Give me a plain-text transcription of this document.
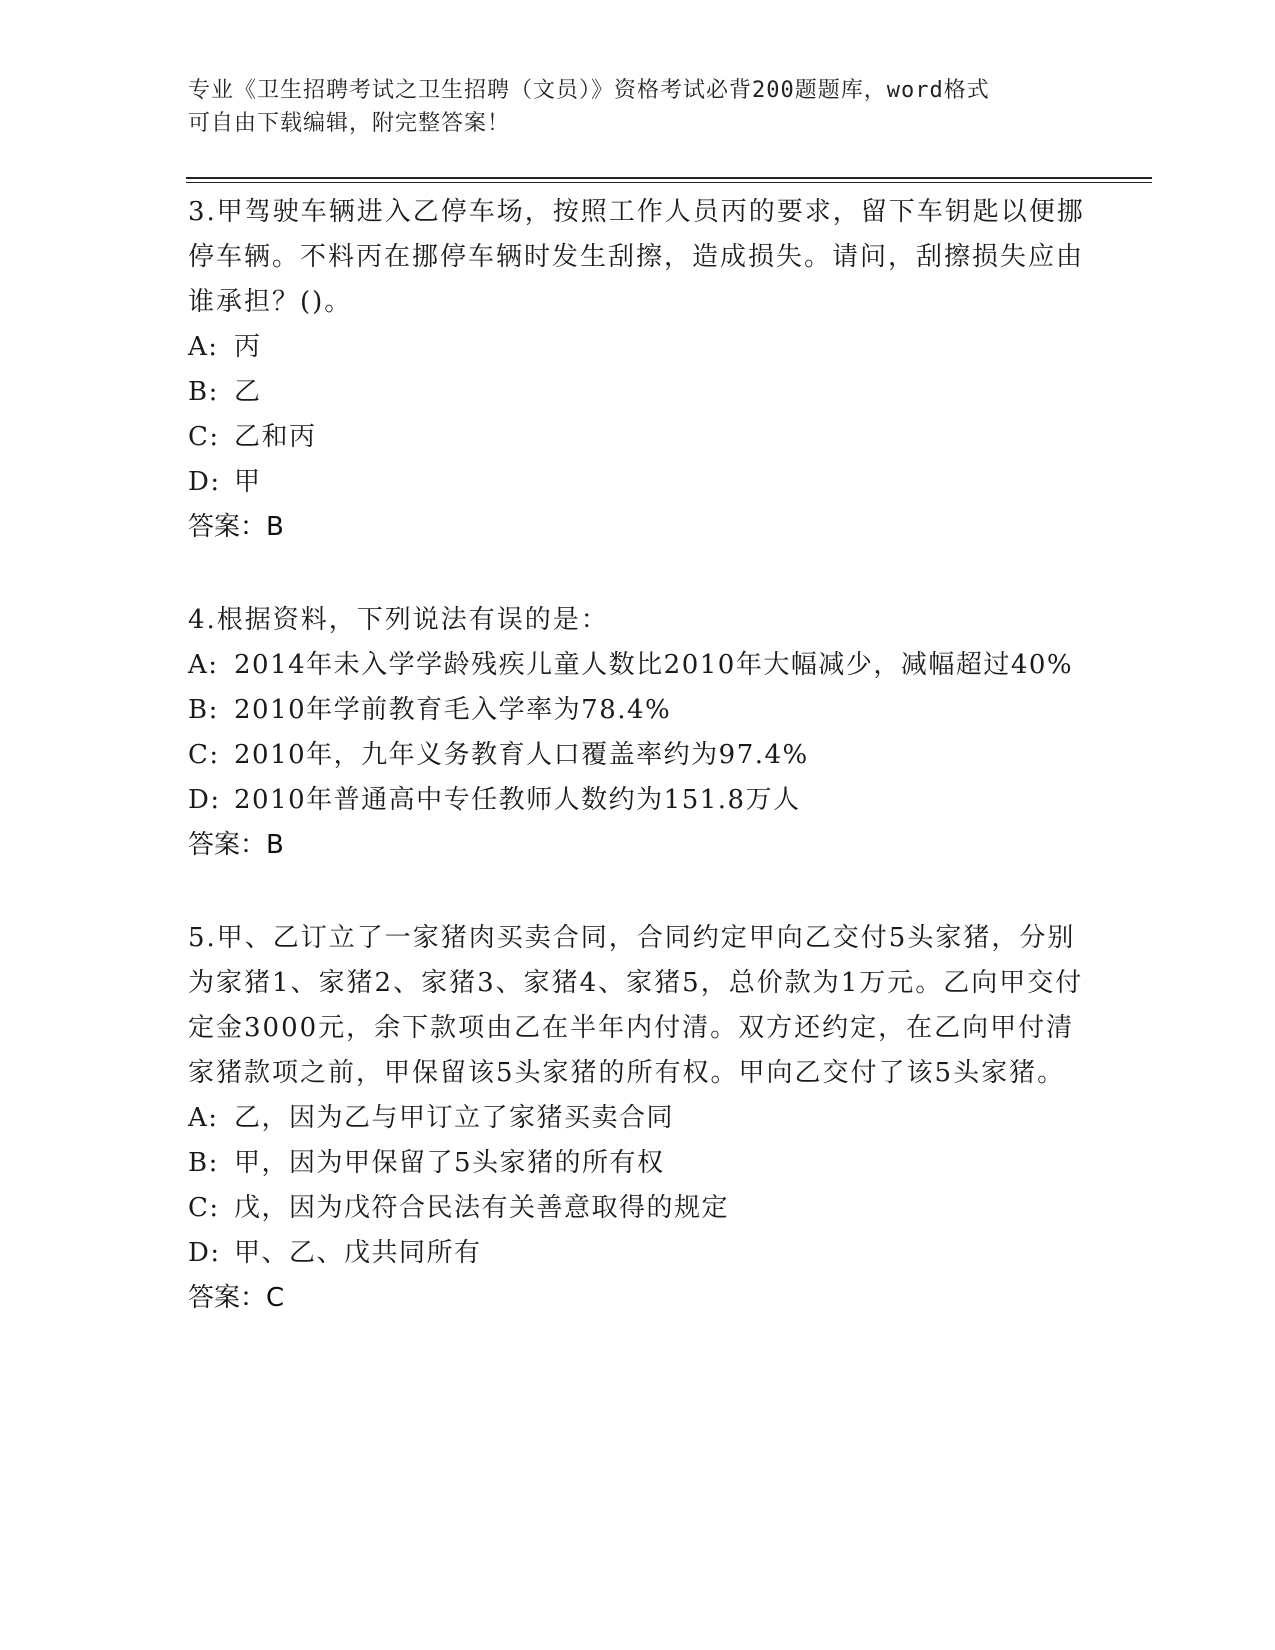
专业《卫生招聘考试之卫生招聘（文员）》资格考试必背200题题库，word格式
可自由下载编辑，附完整答案！

3.甲驾驶车辆进入乙停车场，按照工作人员丙的要求，留下车钥匙以便挪停车辆。不料丙在挪停车辆时发生刮擦，造成损失。请问，刮擦损失应由谁承担？()。

A: 丙

B: 乙

C: 乙和丙

D: 甲

答案：B

4.根据资料，下列说法有误的是：

A: 2014年未入学学龄残疾儿童人数比2010年大幅减少，减幅超过40%

B: 2010年学前教育毛入学率为78.4%

C: 2010年，九年义务教育人口覆盖率约为97.4%

D: 2010年普通高中专任教师人数约为151.8万人

答案：B

5.甲、乙订立了一家猪肉买卖合同，合同约定甲向乙交付5头家猪，分别为家猪1、家猪2、家猪3、家猪4、家猪5，总价款为1万元。乙向甲交付定金3000元，余下款项由乙在半年内付清。双方还约定，在乙向甲付清家猪款项之前，甲保留该5头家猪的所有权。甲向乙交付了该5头家猪。

A: 乙，因为乙与甲订立了家猪买卖合同

B: 甲，因为甲保留了5头家猪的所有权

C: 戊，因为戊符合民法有关善意取得的规定

D: 甲、乙、戊共同所有

答案：C
